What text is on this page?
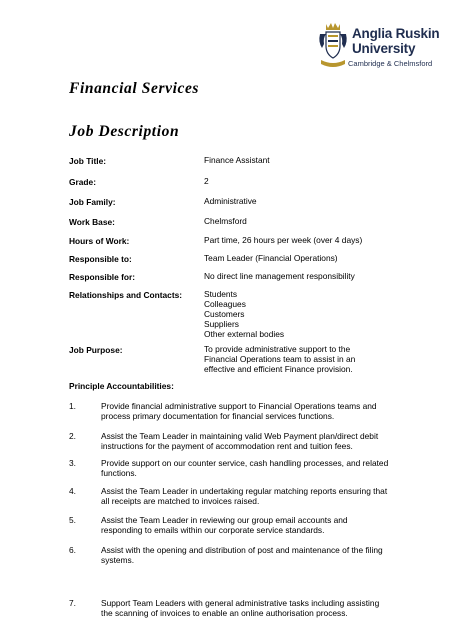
Anglia Ruskin
University
Cambridge & Chelmsford
Financial Services
Job Description
Job Title:	Finance Assistant
Grade:	2
Job Family:	Administrative
Work Base:	Chelmsford
Hours of Work:	Part time, 26 hours per week (over 4 days)
Responsible to:	Team Leader (Financial Operations)
Responsible for:	No direct line management responsibility
Relationships and Contacts:	Students
Colleagues
Customers
Suppliers
Other external bodies
Job Purpose:	To provide administrative support to the
Financial Operations team to assist in an
effective and efficient Finance provision.
Principle Accountabilities:
1.	Provide financial administrative support to Financial Operations teams and
process primary documentation for financial services functions.
2.	Assist the Team Leader in maintaining valid Web Payment plan/direct debit
instructions for the payment of accommodation rent and tuition fees.
3.	Provide support on our counter service, cash handling processes, and related
functions.
4.	Assist the Team Leader in undertaking regular matching reports ensuring that
all receipts are matched to invoices raised.
5.	Assist the Team Leader in reviewing our group email accounts and
responding to emails within our corporate service standards.
6.	Assist with the opening and distribution of post and maintenance of the filing
systems.
7.	Support Team Leaders with general administrative tasks including assisting
the scanning of invoices to enable an online authorisation process.
